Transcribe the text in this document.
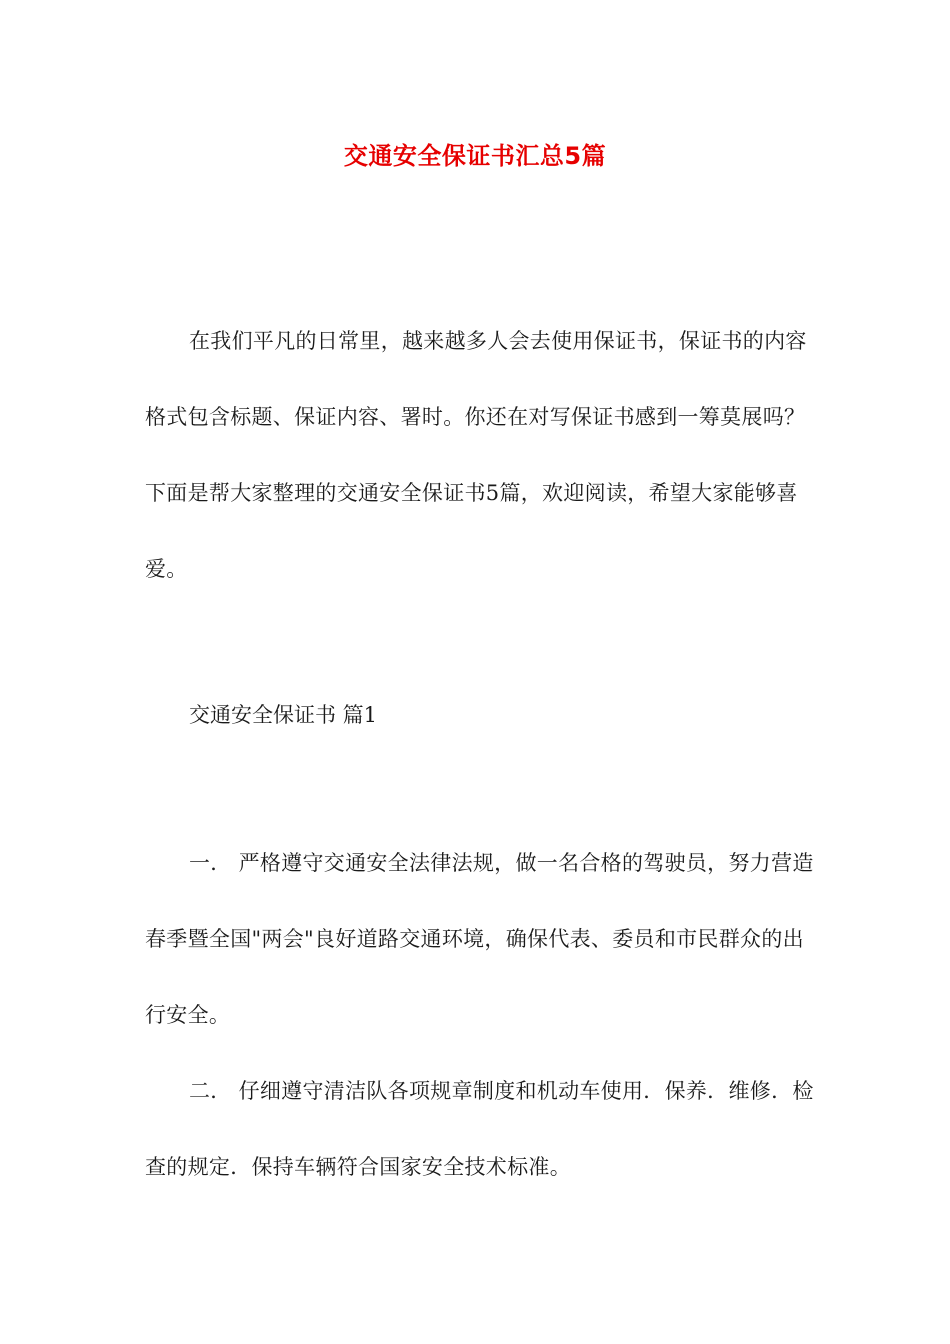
交通安全保证书汇总5篇

在我们平凡的日常里，越来越多人会去使用保证书，保证书的内容格式包含标题、保证内容、署时。你还在对写保证书感到一筹莫展吗？下面是帮大家整理的交通安全保证书5篇，欢迎阅读，希望大家能够喜爱。

交通安全保证书 篇1

一． 严格遵守交通安全法律法规，做一名合格的驾驶员，努力营造春季暨全国"两会"良好道路交通环境，确保代表、委员和市民群众的出行安全。

二． 仔细遵守清洁队各项规章制度和机动车使用．保养．维修．检查的规定．保持车辆符合国家安全技术标准。
